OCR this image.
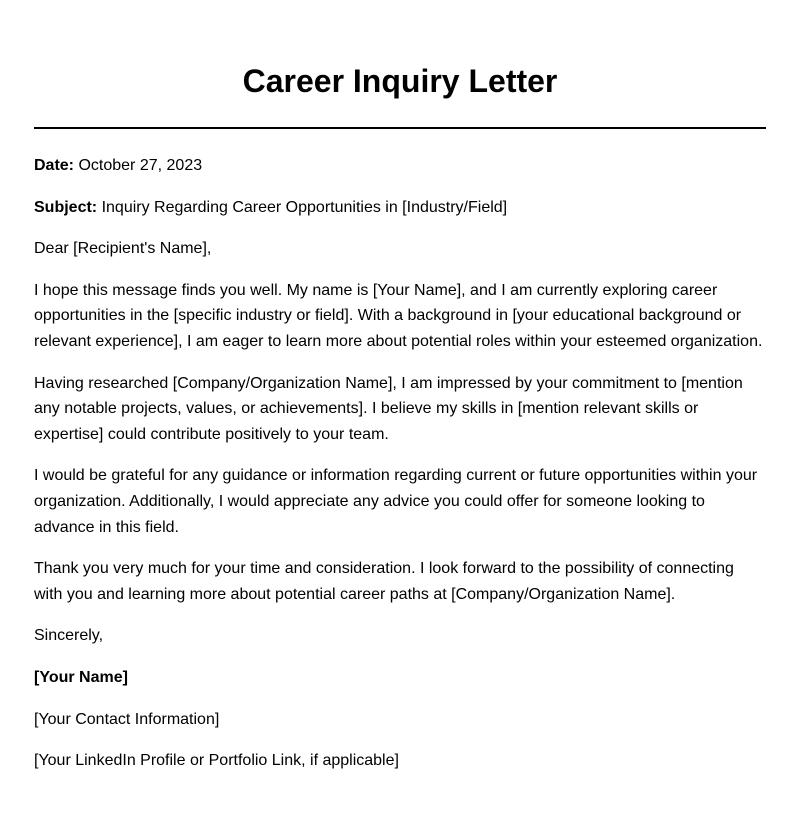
Career Inquiry Letter

Date: October 27, 2023

Subject: Inquiry Regarding Career Opportunities in [Industry/Field]

Dear [Recipient's Name],

I hope this message finds you well. My name is [Your Name], and I am currently exploring career opportunities in the [specific industry or field]. With a background in [your educational background or relevant experience], I am eager to learn more about potential roles within your esteemed organization.

Having researched [Company/Organization Name], I am impressed by your commitment to [mention any notable projects, values, or achievements]. I believe my skills in [mention relevant skills or expertise] could contribute positively to your team.

I would be grateful for any guidance or information regarding current or future opportunities within your organization. Additionally, I would appreciate any advice you could offer for someone looking to advance in this field.

Thank you very much for your time and consideration. I look forward to the possibility of connecting with you and learning more about potential career paths at [Company/Organization Name].

Sincerely,

[Your Name]

[Your Contact Information]

[Your LinkedIn Profile or Portfolio Link, if applicable]
